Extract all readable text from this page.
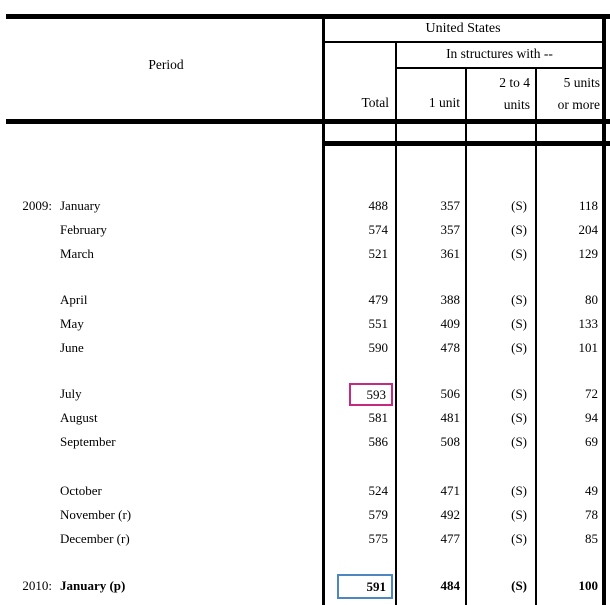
Period
United States
In structures with --
Total	1 unit
2 to 4
units
5 units
or more
2009: January	488	357	(S)	118
February	574	357	(S)	204
March	521	361	(S)	129
April	479	388	(S)	80
May	551	409	(S)	133
June	590	478	(S)	101
July	593	506	(S)	72
August	581	481	(S)	94
September	586	508	(S)	69
October	524	471	(S)	49
November (r)	579	492	(S)	78
December (r)	575	477	(S)	85
2010: January (p)	591	484	(S)	100
